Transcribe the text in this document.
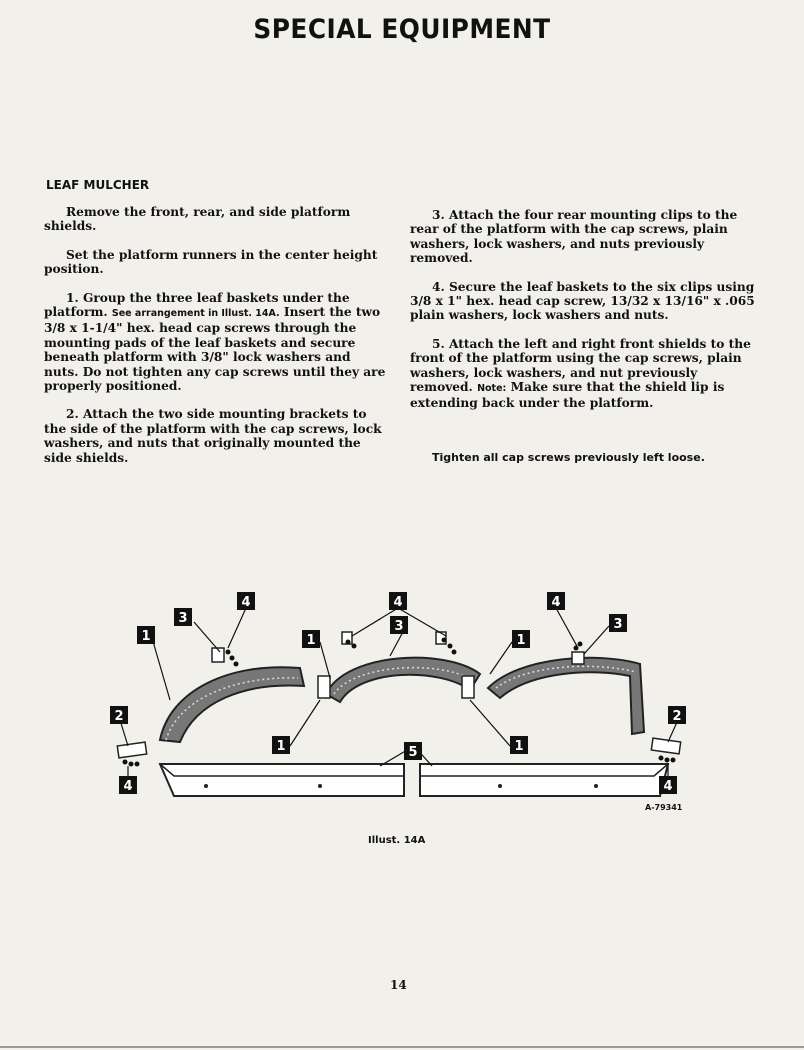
SPECIAL EQUIPMENT
LEAF MULCHER

Remove the front, rear, and side platform shields.

Set the platform runners in the center height position.

1. Group the three leaf baskets under the platform. See arrangement in Illust. 14A. Insert the two 3/8 x 1-1/4" hex. head cap screws through the mounting pads of the leaf baskets and secure beneath platform with 3/8" lock washers and nuts. Do not tighten any cap screws until they are properly positioned.

2. Attach the two side mounting brackets to the side of the platform with the cap screws, lock washers, and nuts that originally mounted the side shields.

3. Attach the four rear mounting clips to the rear of the platform with the cap screws, plain washers, lock washers, and nuts previously removed.

4. Secure the leaf baskets to the six clips using 3/8 x 1" hex. head cap screw, 13/32 x 13/16" x .065 plain washers, lock washers and nuts.

5. Attach the left and right front shields to the front of the platform using the cap screws, plain washers, lock washers, and nut previously removed. Note: Make sure that the shield lip is extending back under the platform.

Tighten all cap screws previously left loose.
4	4	4
3
3	3
1	1	1
1	1
2	2
5
4	4
A-79341
Illust. 14A
14
